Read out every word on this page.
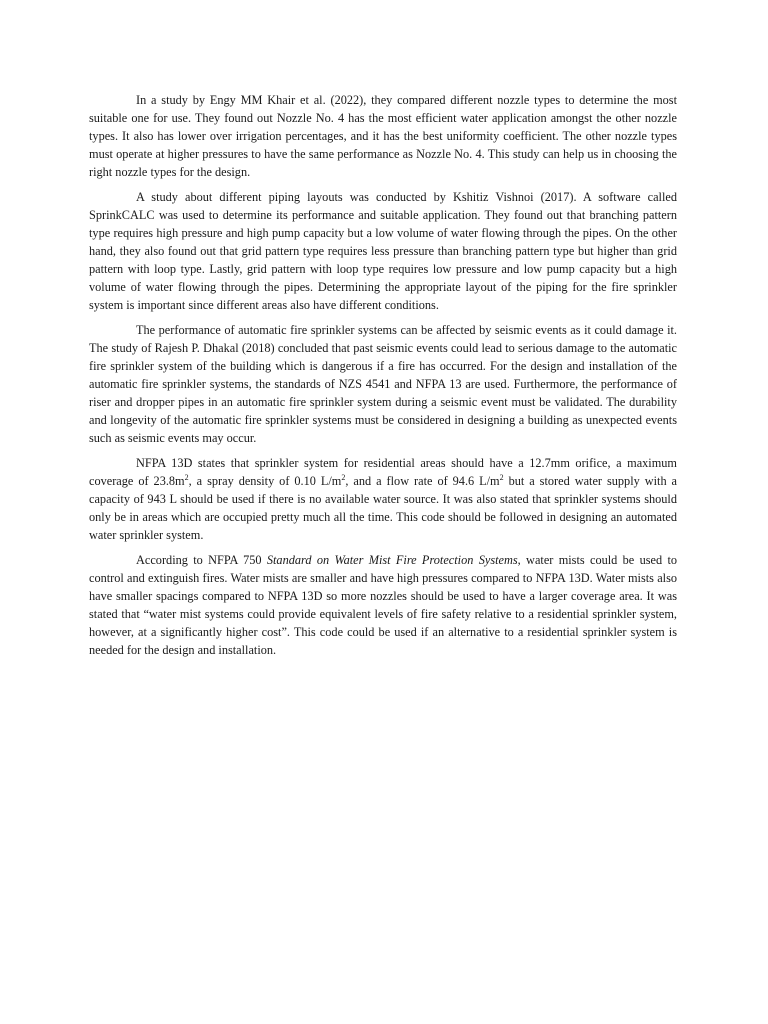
In a study by Engy MM Khair et al. (2022), they compared different nozzle types to determine the most suitable one for use. They found out Nozzle No. 4 has the most efficient water application amongst the other nozzle types. It also has lower over irrigation percentages, and it has the best uniformity coefficient. The other nozzle types must operate at higher pressures to have the same performance as Nozzle No. 4. This study can help us in choosing the right nozzle types for the design.

A study about different piping layouts was conducted by Kshitiz Vishnoi (2017). A software called SprinkCALC was used to determine its performance and suitable application. They found out that branching pattern type requires high pressure and high pump capacity but a low volume of water flowing through the pipes. On the other hand, they also found out that grid pattern type requires less pressure than branching pattern type but higher than grid pattern with loop type. Lastly, grid pattern with loop type requires low pressure and low pump capacity but a high volume of water flowing through the pipes. Determining the appropriate layout of the piping for the fire sprinkler system is important since different areas also have different conditions.

The performance of automatic fire sprinkler systems can be affected by seismic events as it could damage it. The study of Rajesh P. Dhakal (2018) concluded that past seismic events could lead to serious damage to the automatic fire sprinkler system of the building which is dangerous if a fire has occurred. For the design and installation of the automatic fire sprinkler systems, the standards of NZS 4541 and NFPA 13 are used. Furthermore, the performance of riser and dropper pipes in an automatic fire sprinkler system during a seismic event must be validated. The durability and longevity of the automatic fire sprinkler systems must be considered in designing a building as unexpected events such as seismic events may occur.

NFPA 13D states that sprinkler system for residential areas should have a 12.7mm orifice, a maximum coverage of $23.8m^2$, a spray density of 0.10 $L/m^2$, and a flow rate of 94.6 $L/m^2$ but a stored water supply with a capacity of 943 L should be used if there is no available water source. It was also stated that sprinkler systems should only be in areas which are occupied pretty much all the time. This code should be followed in designing an automated water sprinkler system.

According to NFPA 750 Standard on Water Mist Fire Protection Systems, water mists could be used to control and extinguish fires. Water mists are smaller and have high pressures compared to NFPA 13D. Water mists also have smaller spacings compared to NFPA 13D so more nozzles should be used to have a larger coverage area. It was stated that “water mist systems could provide equivalent levels of fire safety relative to a residential sprinkler system, however, at a significantly higher cost”. This code could be used if an alternative to a residential sprinkler system is needed for the design and installation.
